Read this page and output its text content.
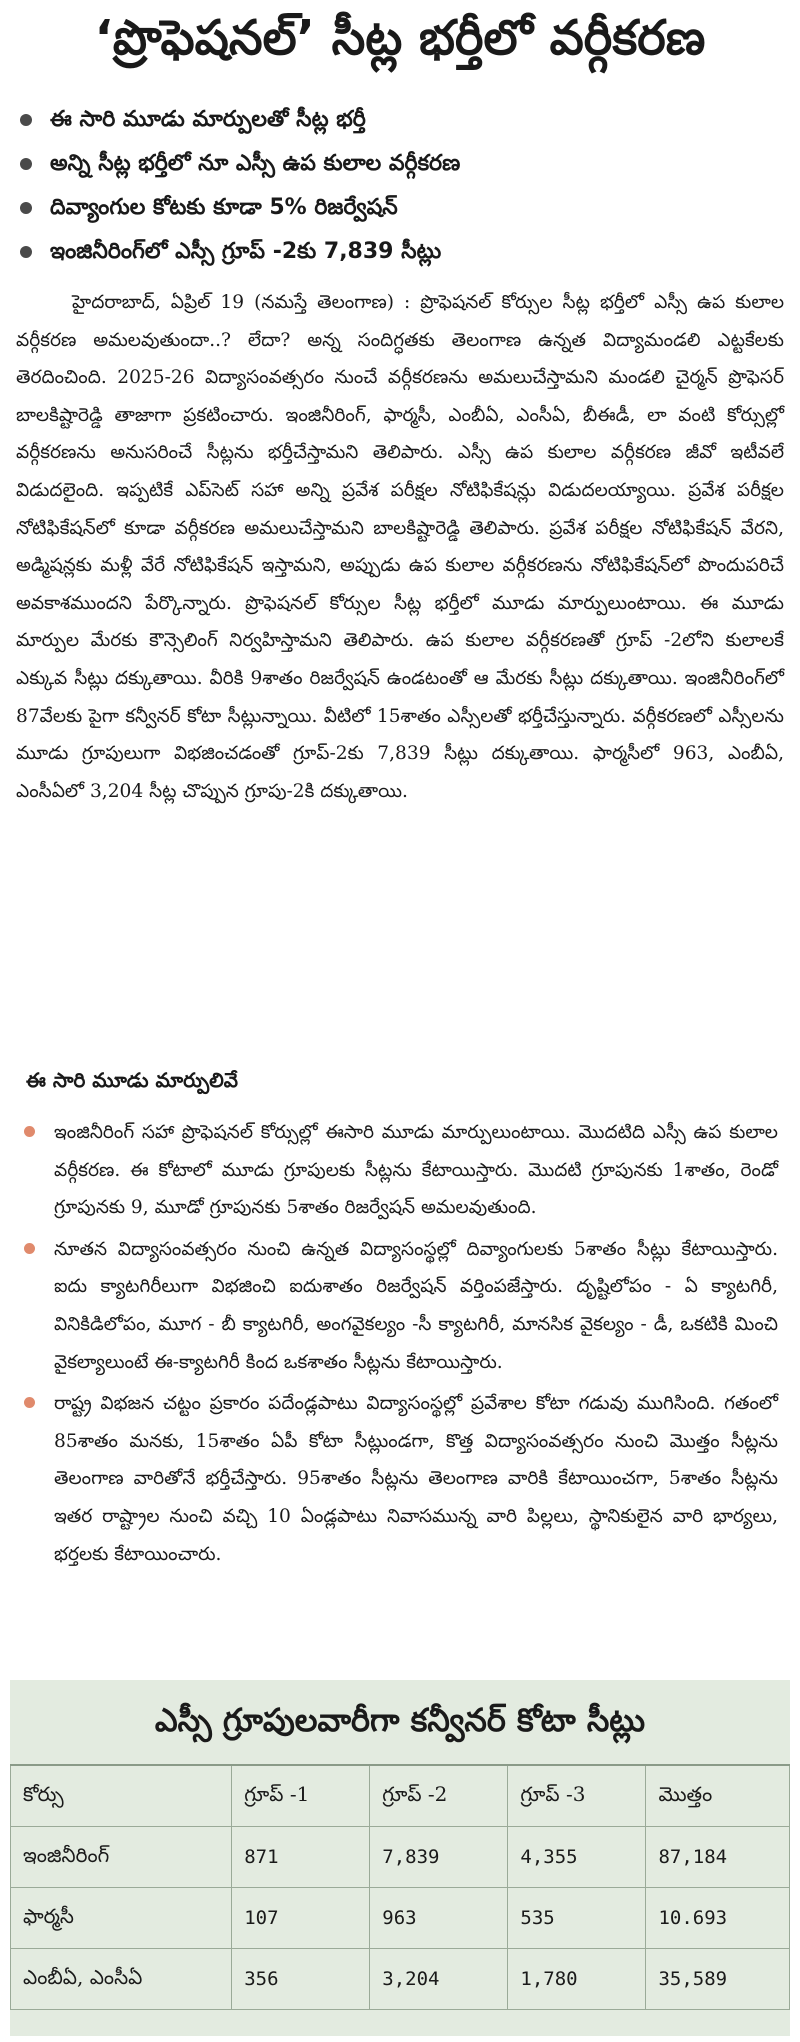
‘ప్రొఫెషనల్’ సీట్ల భర్తీలో వర్గీకరణ
ఈ సారి మూడు మార్పులతో సీట్ల భర్తీ
అన్ని సీట్ల భర్తీలో నూ ఎస్సీ ఉప కులాల వర్గీకరణ
దివ్యాంగుల కోటకు కూడా 5% రిజర్వేషన్
ఇంజినీరింగ్‌లో ఎస్సీ గ్రూప్ -2కు 7,839 సీట్లు

హైదరాబాద్, ఏప్రిల్ 19 (నమస్తే తెలంగాణ) : ప్రొఫెషనల్ కోర్సుల సీట్ల భర్తీలో ఎస్సీ ఉప కులాల వర్గీకరణ అమలవుతుందా..? లేదా? అన్న సందిగ్ధతకు తెలంగాణ ఉన్నత విద్యామండలి ఎట్టకేలకు తెరదించింది. 2025-26 విద్యాసంవత్సరం నుంచే వర్గీకరణను అమలుచేస్తామని మండలి చైర్మన్ ప్రొఫెసర్ బాలకిష్టారెడ్డి తాజాగా ప్రకటించారు. ఇంజినీరింగ్, ఫార్మసీ, ఎంబీఏ, ఎంసీఏ, బీఈడీ, లా వంటి కోర్సుల్లో వర్గీకరణను అనుసరించే సీట్లను భర్తీచేస్తామని తెలిపారు. ఎస్సీ ఉప కులాల వర్గీకరణ జీవో ఇటీవలే విడుదలైంది. ఇప్పటికే ఎప్‌సెట్ సహా అన్ని ప్రవేశ పరీక్షల నోటిఫికేషన్లు విడుదలయ్యాయి. ప్రవేశ పరీక్షల నోటిఫికేషన్‌లో కూడా వర్గీకరణ అమలుచేస్తామని బాలకిష్టారెడ్డి తెలిపారు. ప్రవేశ పరీక్షల నోటిఫికేషన్ వేరని, అడ్మిషన్లకు మళ్లీ వేరే నోటిఫికేషన్ ఇస్తామని, అప్పుడు ఉప కులాల వర్గీకరణను నోటిఫికేషన్‌లో పొందుపరిచే అవకాశముందని పేర్కొన్నారు. ప్రొఫెషనల్ కోర్సుల సీట్ల భర్తీలో మూడు మార్పులుంటాయి. ఈ మూడు మార్పుల మేరకు కౌన్సెలింగ్ నిర్వహిస్తామని తెలిపారు. ఉప కులాల వర్గీకరణతో గ్రూప్ -2లోని కులాలకే ఎక్కువ సీట్లు దక్కుతాయి. వీరికి 9శాతం రిజర్వేషన్ ఉండటంతో ఆ మేరకు సీట్లు దక్కుతాయి. ఇంజినీరింగ్‌లో 87వేలకు పైగా కన్వీనర్ కోటా సీట్లున్నాయి. వీటిలో 15శాతం ఎస్సీలతో భర్తీచేస్తున్నారు. వర్గీకరణలో ఎస్సీలను మూడు గ్రూపులుగా విభజించడంతో గ్రూప్-2కు 7,839 సీట్లు దక్కుతాయి. ఫార్మసీలో 963, ఎంబీఏ, ఎంసీఏలో 3,204 సీట్ల చొప్పున గ్రూపు-2కి దక్కుతాయి.

ఈ సారి మూడు మార్పులివే
ఇంజినీరింగ్ సహా ప్రొఫెషనల్ కోర్సుల్లో ఈసారి మూడు మార్పులుంటాయి. మొదటిది ఎస్సీ ఉప కులాల వర్గీకరణ. ఈ కోటాలో మూడు గ్రూపులకు సీట్లను కేటాయిస్తారు. మొదటి గ్రూపునకు 1శాతం, రెండో గ్రూపునకు 9, మూడో గ్రూపునకు 5శాతం రిజర్వేషన్ అమలవుతుంది.
నూతన విద్యాసంవత్సరం నుంచి ఉన్నత విద్యాసంస్థల్లో దివ్యాంగులకు 5శాతం సీట్లు కేటాయిస్తారు. ఐదు క్యాటగిరీలుగా విభజించి ఐదుశాతం రిజర్వేషన్ వర్తింపజేస్తారు. దృష్టిలోపం - ఏ క్యాటగిరీ, వినికిడిలోపం, మూగ - బీ క్యాటగిరీ, అంగవైకల్యం -సీ క్యాటగిరీ, మానసిక వైకల్యం - డీ, ఒకటికి మించి వైకల్యాలుంటే ఈ-క్యాటగిరీ కింద ఒకశాతం సీట్లను కేటాయిస్తారు.
రాష్ట్ర విభజన చట్టం ప్రకారం పదేండ్లపాటు విద్యాసంస్థల్లో ప్రవేశాల కోటా గడువు ముగిసింది. గతంలో 85శాతం మనకు, 15శాతం ఏపీ కోటా సీట్లుండగా, కొత్త విద్యాసంవత్సరం నుంచి మొత్తం సీట్లను తెలంగాణ వారితోనే భర్తీచేస్తారు. 95శాతం సీట్లను తెలంగాణ వారికి కేటాయించగా, 5శాతం సీట్లను ఇతర రాష్ట్రాల నుంచి వచ్చి 10 ఏండ్లపాటు నివాసమున్న వారి పిల్లలు, స్థానికులైన వారి భార్యలు, భర్తలకు కేటాయించారు.
ఎస్సీ గ్రూపులవారీగా కన్వీనర్ కోటా సీట్లు
కోర్సు	గ్రూప్ -1	గ్రూప్ -2	గ్రూప్ -3	మొత్తం
ఇంజినీరింగ్	871	7,839	4,355	87,184
ఫార్మసీ	107	963	535	10.693
ఎంబీఏ, ఎంసీఏ	356	3,204	1,780	35,589
